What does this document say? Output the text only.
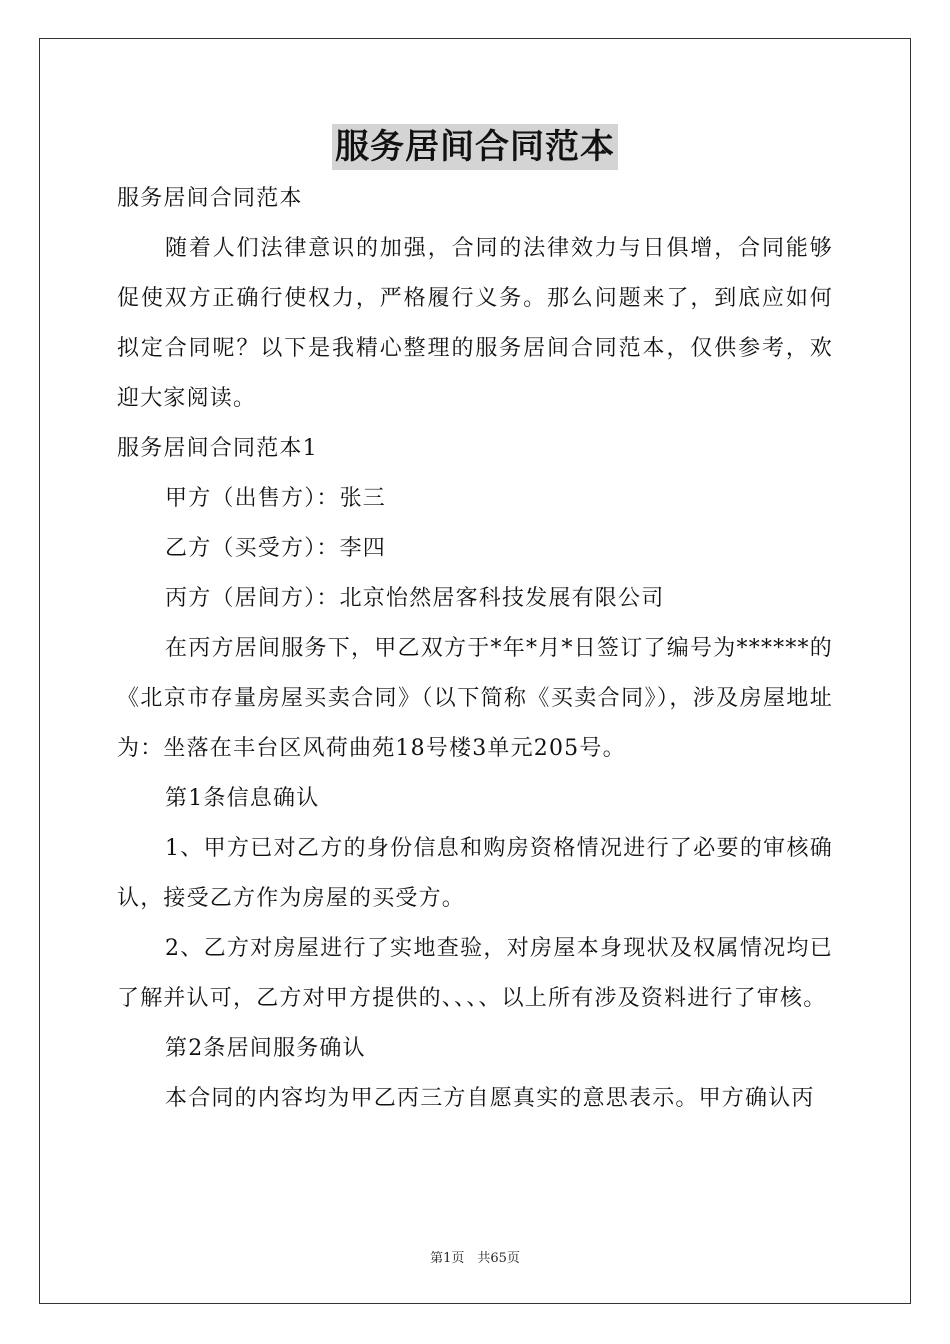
服务居间合同范本

服务居间合同范本

随着人们法律意识的加强，合同的法律效力与日俱增，合同能够促使双方正确行使权力，严格履行义务。那么问题来了，到底应如何拟定合同呢？以下是我精心整理的服务居间合同范本，仅供参考，欢迎大家阅读。

服务居间合同范本1

甲方（出售方）：张三

乙方（买受方）：李四

丙方（居间方）：北京怡然居客科技发展有限公司

在丙方居间服务下，甲乙双方于*年*月*日签订了编号为******的《北京市存量房屋买卖合同》（以下简称《买卖合同》），涉及房屋地址为：坐落在丰台区风荷曲苑18号楼3单元205号。

第1条信息确认

1、甲方已对乙方的身份信息和购房资格情况进行了必要的审核确认，接受乙方作为房屋的买受方。

2、乙方对房屋进行了实地查验，对房屋本身现状及权属情况均已了解并认可，乙方对甲方提供的、、、、以上所有涉及资料进行了审核。

第2条居间服务确认

本合同的内容均为甲乙丙三方自愿真实的意思表示。甲方确认丙

第1页　共65页
